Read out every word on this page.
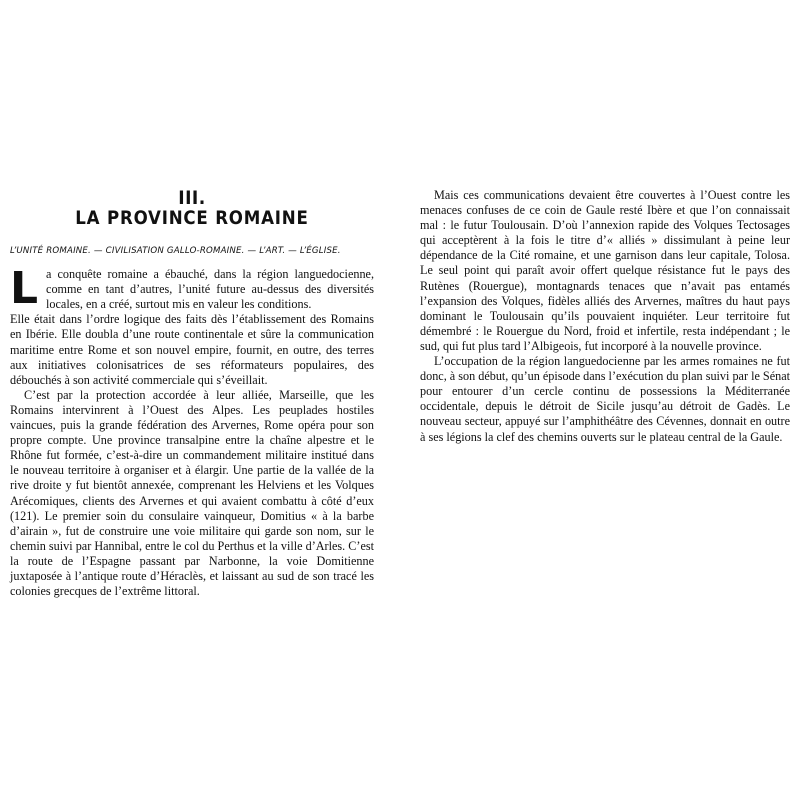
III.
LA PROVINCE ROMAINE

L’UNITÉ ROMAINE. — CIVILISATION GALLO-ROMAINE. — L’ART. — L’ÉGLISE.

La conquête romaine a ébauché, dans la région languedocienne, comme en tant d’autres, l’unité future au-dessus des diversités locales, en a créé, surtout mis en valeur les conditions.

Elle était dans l’ordre logique des faits dès l’établissement des Romains en Ibérie. Elle doubla d’une route continentale et sûre la communication maritime entre Rome et son nouvel empire, fournit, en outre, des terres aux initiatives colonisatrices de ses réformateurs populaires, des débouchés à son activité commerciale qui s’éveillait.

C’est par la protection accordée à leur alliée, Marseille, que les Romains intervinrent à l’Ouest des Alpes. Les peuplades hostiles vaincues, puis la grande fédération des Arvernes, Rome opéra pour son propre compte. Une province transalpine entre la chaîne alpestre et le Rhône fut formée, c’est-à-dire un commandement militaire institué dans le nouveau territoire à organiser et à élargir. Une partie de la vallée de la rive droite y fut bientôt annexée, comprenant les Helviens et les Volques Arécomiques, clients des Arvernes et qui avaient combattu à côté d’eux (121). Le premier soin du consulaire vainqueur, Domitius « à la barbe d’airain », fut de construire une voie militaire qui garde son nom, sur le chemin suivi par Hannibal, entre le col du Perthus et la ville d’Arles. C’est la route de l’Espagne passant par Narbonne, la voie Domitienne juxtaposée à l’antique route d’Héraclès, et laissant au sud de son tracé les colonies grecques de l’extrême littoral.

Mais ces communications devaient être couvertes à l’Ouest contre les menaces confuses de ce coin de Gaule resté Ibère et que l’on connaissait mal : le futur Toulousain. D’où l’annexion rapide des Volques Tectosages qui acceptèrent à la fois le titre d’« alliés » dissimulant à peine leur dépendance de la Cité romaine, et une garnison dans leur capitale, Tolosa. Le seul point qui paraît avoir offert quelque résistance fut le pays des Rutènes (Rouergue), montagnards tenaces que n’avait pas entamés l’expansion des Volques, fidèles alliés des Arvernes, maîtres du haut pays dominant le Toulousain qu’ils pouvaient inquiéter. Leur territoire fut démembré : le Rouergue du Nord, froid et infertile, resta indépendant ; le sud, qui fut plus tard l’Albigeois, fut incorporé à la nouvelle province.

L’occupation de la région languedocienne par les armes romaines ne fut donc, à son début, qu’un épisode dans l’exécution du plan suivi par le Sénat pour entourer d’un cercle continu de possessions la Méditerranée occidentale, depuis le détroit de Sicile jusqu’au détroit de Gadès. Le nouveau secteur, appuyé sur l’amphithéâtre des Cévennes, donnait en outre à ses légions la clef des chemins ouverts sur le plateau central de la Gaule.
